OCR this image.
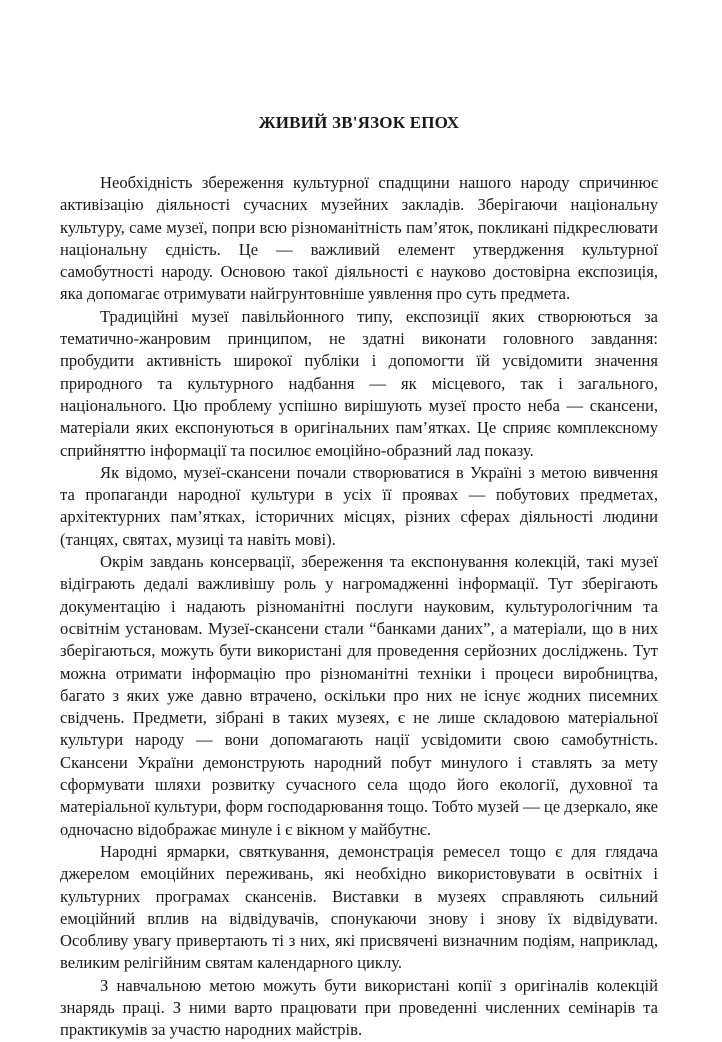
ЖИВИЙ ЗВ'ЯЗОК ЕПОХ

Необхідність збереження культурної спадщини нашого народу спричинює активізацію діяльності сучасних музейних закладів. Зберігаючи національну культуру, саме музеї, попри всю різноманітність пам’яток, покликані підкреслювати національну єдність. Це — важливий елемент утвердження культурної самобутності народу. Основою такої діяльності є науково достовірна експозиція, яка допомагає отримувати найгрунтовніше уявлення про суть предмета.

Традиційні музеї павільйонного типу, експозиції яких створюються за тематично-жанровим принципом, не здатні виконати головного завдання: пробудити активність широкої публіки і допомогти їй усвідомити значення природного та культурного надбання — як місцевого, так і загального, національного. Цю проблему успішно вирішують музеї просто неба — скансени, матеріали яких експонуються в оригінальних пам’ятках. Це сприяє комплексному сприйняттю інформації та посилює емоційно-образний лад показу.

Як відомо, музеї-скансени почали створюватися в Україні з метою вивчення та пропаганди народної культури в усіх її проявах — побутових предметах, архітектурних пам’ятках, історичних місцях, різних сферах діяльності людини (танцях, святах, музиці та навіть мові).

Окрім завдань консервації, збереження та експонування колекцій, такі музеї відіграють дедалі важливішу роль у нагромадженні інформації. Тут зберігають документацію і надають різноманітні послуги науковим, культурологічним та освітнім установам. Музеї-скансени стали “банками даних”, а матеріали, що в них зберігаються, можуть бути використані для проведення серйозних досліджень. Тут можна отримати інформацію про різноманітні техніки і процеси виробництва, багато з яких уже давно втрачено, оскільки про них не існує жодних писемних свідчень. Предмети, зібрані в таких музеях, є не лише складовою матеріальної культури народу — вони допомагають нації усвідомити свою самобутність. Скансени України демонструють народний побут минулого і ставлять за мету сформувати шляхи розвитку сучасного села щодо його екології, духовної та матеріальної культури, форм господарювання тощо. Тобто музей — це дзеркало, яке одночасно відображає минуле і є вікном у майбутнє.

Народні ярмарки, святкування, демонстрація ремесел тощо є для глядача джерелом емоційних переживань, які необхідно використовувати в освітніх і культурних програмах скансенів. Виставки в музеях справляють сильний емоційний вплив на відвідувачів, спонукаючи знову і знову їх відвідувати. Особливу увагу привертають ті з них, які присвячені визначним подіям, наприклад, великим релігійним святам календарного циклу.

З навчальною метою можуть бути використані копії з оригіналів колекцій знарядь праці. З ними варто працювати при проведенні численних семінарів та практикумів за участю народних майстрів.
